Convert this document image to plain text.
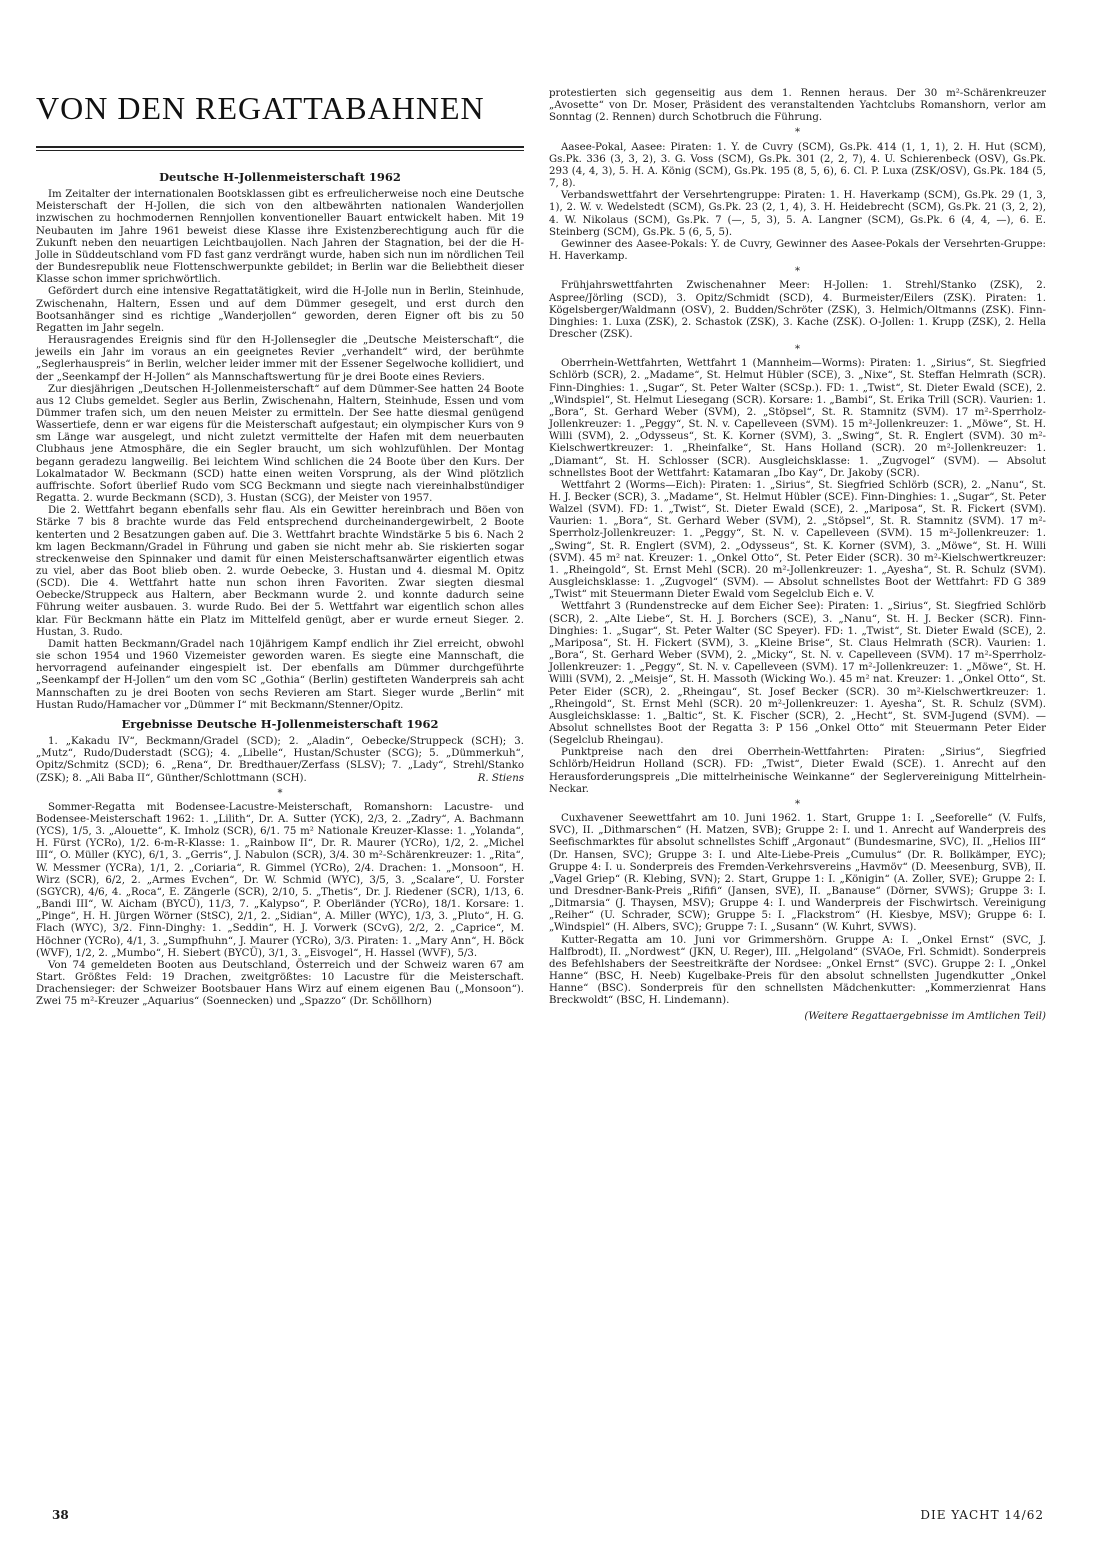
VON DEN REGATTABAHNEN
Deutsche H-Jollenmeisterschaft 1962

Im Zeitalter der internationalen Bootsklassen gibt es erfreulicherweise noch eine Deutsche Meisterschaft der H-Jollen, die sich von den altbewährten nationalen Wanderjollen inzwischen zu hochmodernen Rennjollen konventioneller Bauart entwickelt haben. Mit 19 Neubauten im Jahre 1961 beweist diese Klasse ihre Existenzberechtigung auch für die Zukunft neben den neuartigen Leichtbaujollen. Nach Jahren der Stagnation, bei der die H-Jolle in Süddeutschland vom FD fast ganz verdrängt wurde, haben sich nun im nördlichen Teil der Bundesrepublik neue Flottenschwerpunkte gebildet; in Berlin war die Beliebtheit dieser Klasse schon immer sprichwörtlich.

Gefördert durch eine intensive Regattatätigkeit, wird die H-Jolle nun in Berlin, Steinhude, Zwischenahn, Haltern, Essen und auf dem Dümmer gesegelt, und erst durch den Bootsanhänger sind es richtige „Wanderjollen“ geworden, deren Eigner oft bis zu 50 Regatten im Jahr segeln.

Herausragendes Ereignis sind für den H-Jollensegler die „Deutsche Meisterschaft“, die jeweils ein Jahr im voraus an ein geeignetes Revier „verhandelt“ wird, der berühmte „Seglerhauspreis“ in Berlin, welcher leider immer mit der Essener Segelwoche kollidiert, und der „Seenkampf der H-Jollen“ als Mannschaftswertung für je drei Boote eines Reviers.

Zur diesjährigen „Deutschen H-Jollenmeisterschaft“ auf dem Dümmer-See hatten 24 Boote aus 12 Clubs gemeldet. Segler aus Berlin, Zwischenahn, Haltern, Steinhude, Essen und vom Dümmer trafen sich, um den neuen Meister zu ermitteln. Der See hatte diesmal genügend Wassertiefe, denn er war eigens für die Meisterschaft aufgestaut; ein olympischer Kurs von 9 sm Länge war ausgelegt, und nicht zuletzt vermittelte der Hafen mit dem neuerbauten Clubhaus jene Atmosphäre, die ein Segler braucht, um sich wohlzufühlen. Der Montag begann geradezu langweilig. Bei leichtem Wind schlichen die 24 Boote über den Kurs. Der Lokalmatador W. Beckmann (SCD) hatte einen weiten Vorsprung, als der Wind plötzlich auffrischte. Sofort überlief Rudo vom SCG Beckmann und siegte nach viereinhalbstündiger Regatta. 2. wurde Beckmann (SCD), 3. Hustan (SCG), der Meister von 1957.

Die 2. Wettfahrt begann ebenfalls sehr flau. Als ein Gewitter hereinbrach und Böen von Stärke 7 bis 8 brachte wurde das Feld entsprechend durcheinandergewirbelt, 2 Boote kenterten und 2 Besatzungen gaben auf. Die 3. Wettfahrt brachte Windstärke 5 bis 6. Nach 2 km lagen Beckmann/Gradel in Führung und gaben sie nicht mehr ab. Sie riskierten sogar streckenweise den Spinnaker und damit für einen Meisterschaftsanwärter eigentlich etwas zu viel, aber das Boot blieb oben. 2. wurde Oebecke, 3. Hustan und 4. diesmal M. Opitz (SCD). Die 4. Wettfahrt hatte nun schon ihren Favoriten. Zwar siegten diesmal Oebecke/Struppeck aus Haltern, aber Beckmann wurde 2. und konnte dadurch seine Führung weiter ausbauen. 3. wurde Rudo. Bei der 5. Wettfahrt war eigentlich schon alles klar. Für Beckmann hätte ein Platz im Mittelfeld genügt, aber er wurde erneut Sieger. 2. Hustan, 3. Rudo.

Damit hatten Beckmann/Gradel nach 10jährigem Kampf endlich ihr Ziel erreicht, obwohl sie schon 1954 und 1960 Vizemeister geworden waren. Es siegte eine Mannschaft, die hervorragend aufeinander eingespielt ist. Der ebenfalls am Dümmer durchgeführte „Seenkampf der H-Jollen“ um den vom SC „Gothia“ (Berlin) gestifteten Wanderpreis sah acht Mannschaften zu je drei Booten von sechs Revieren am Start. Sieger wurde „Berlin“ mit Hustan Rudo/Hamacher vor „Dümmer I“ mit Beckmann/Stenner/Opitz.

Ergebnisse Deutsche H-Jollenmeisterschaft 1962

1. „Kakadu IV“, Beckmann/Gradel (SCD); 2. „Aladin“, Oebecke/Struppeck (SCH); 3. „Mutz“, Rudo/Duderstadt (SCG); 4. „Libelle“, Hustan/Schuster (SCG); 5. „Dümmerkuh“, Opitz/Schmitz (SCD); 6. „Rena“, Dr. Bredthauer/Zerfass (SLSV); 7. „Lady“, Strehl/Stanko (ZSK); 8. „Ali Baba II“, Günther/Schlottmann (SCH).	R. Stiens

*

Sommer-Regatta mit Bodensee-Lacustre-Meisterschaft, Romanshorn: Lacustre- und Bodensee-Meisterschaft 1962: 1. „Lilith“, Dr. A. Sutter (YCK), 2/3, 2. „Zadry“, A. Bachmann (YCS), 1/5, 3. „Alouette“, K. Imholz (SCR), 6/1. 75 m² Nationale Kreuzer-Klasse: 1. „Yolanda“, H. Fürst (YCRo), 1/2. 6-m-R-Klasse: 1. „Rainbow II“, Dr. R. Maurer (YCRo), 1/2, 2. „Michel III“, O. Müller (KYC), 6/1, 3. „Gerris“, J. Nabulon (SCR), 3/4. 30 m²-Schärenkreuzer: 1. „Rita“, W. Messmer (YCRa), 1/1, 2. „Coriaria“, R. Gimmel (YCRo), 2/4. Drachen: 1. „Monsoon“, H. Wirz (SCR), 6/2, 2. „Armes Evchen“, Dr. W. Schmid (WYC), 3/5, 3. „Scalare“, U. Forster (SGYCR), 4/6, 4. „Roca“, E. Zängerle (SCR), 2/10, 5. „Thetis“, Dr. J. Riedener (SCR), 1/13, 6. „Bandi III“, W. Aicham (BYCÜ), 11/3, 7. „Kalypso“, P. Oberländer (YCRo), 18/1. Korsare: 1. „Pinge“, H. H. Jürgen Wörner (StSC), 2/1, 2. „Sidian“, A. Miller (WYC), 1/3, 3. „Pluto“, H. G. Flach (WYC), 3/2. Finn-Dinghy: 1. „Seddin“, H. J. Vorwerk (SCvG), 2/2, 2. „Caprice“, M. Höchner (YCRo), 4/1, 3. „Sumpfhuhn“, J. Maurer (YCRo), 3/3. Piraten: 1. „Mary Ann“, H. Böck (WVF), 1/2, 2. „Mumbo“, H. Siebert (BYCÜ), 3/1, 3. „Eisvogel“, H. Hassel (WVF), 5/3.

Von 74 gemeldeten Booten aus Deutschland, Österreich und der Schweiz waren 67 am Start. Größtes Feld: 19 Drachen, zweitgrößtes: 10 Lacustre für die Meisterschaft. Drachensieger: der Schweizer Bootsbauer Hans Wirz auf einem eigenen Bau („Monsoon“). Zwei 75 m²-Kreuzer „Aquarius“ (Soennecken) und „Spazzo“ (Dr. Schöllhorn)

protestierten sich gegenseitig aus dem 1. Rennen heraus. Der 30 m²-Schärenkreuzer „Avosette“ von Dr. Moser, Präsident des veranstaltenden Yachtclubs Romanshorn, verlor am Sonntag (2. Rennen) durch Schotbruch die Führung.

*

Aasee-Pokal, Aasee: Piraten: 1. Y. de Cuvry (SCM), Gs.Pk. 414 (1, 1, 1), 2. H. Hut (SCM), Gs.Pk. 336 (3, 3, 2), 3. G. Voss (SCM), Gs.Pk. 301 (2, 2, 7), 4. U. Schierenbeck (OSV), Gs.Pk. 293 (4, 4, 3), 5. H. A. König (SCM), Gs.Pk. 195 (8, 5, 6), 6. Cl. P. Luxa (ZSK/OSV), Gs.Pk. 184 (5, 7, 8).

Verbandswettfahrt der Versehrtengruppe: Piraten: 1. H. Haverkamp (SCM), Gs.Pk. 29 (1, 3, 1), 2. W. v. Wedelstedt (SCM), Gs.Pk. 23 (2, 1, 4), 3. H. Heidebrecht (SCM), Gs.Pk. 21 (3, 2, 2), 4. W. Nikolaus (SCM), Gs.Pk. 7 (—, 5, 3), 5. A. Langner (SCM), Gs.Pk. 6 (4, 4, —), 6. E. Steinberg (SCM), Gs.Pk. 5 (6, 5, 5).

Gewinner des Aasee-Pokals: Y. de Cuvry, Gewinner des Aasee-Pokals der Versehrten-Gruppe: H. Haverkamp.

*

Frühjahrswettfahrten Zwischenahner Meer: H-Jollen: 1. Strehl/Stanko (ZSK), 2. Aspree/Jörling (SCD), 3. Opitz/Schmidt (SCD), 4. Burmeister/Eilers (ZSK). Piraten: 1. Kögelsberger/Waldmann (OSV), 2. Budden/Schröter (ZSK), 3. Helmich/Oltmanns (ZSK). Finn-Dinghies: 1. Luxa (ZSK), 2. Schastok (ZSK), 3. Kache (ZSK). O-Jollen: 1. Krupp (ZSK), 2. Hella Drescher (ZSK).

*

Oberrhein-Wettfahrten, Wettfahrt 1 (Mannheim—Worms): Piraten: 1. „Sirius“, St. Siegfried Schlörb (SCR), 2. „Madame“, St. Helmut Hübler (SCE), 3. „Nixe“, St. Steffan Helmrath (SCR). Finn-Dinghies: 1. „Sugar“, St. Peter Walter (SCSp.). FD: 1. „Twist“, St. Dieter Ewald (SCE), 2. „Windspiel“, St. Helmut Liesegang (SCR). Korsare: 1. „Bambi“, St. Erika Trill (SCR). Vaurien: 1. „Bora“, St. Gerhard Weber (SVM), 2. „Stöpsel“, St. R. Stamnitz (SVM). 17 m²-Sperrholz-Jollenkreuzer: 1. „Peggy“, St. N. v. Capelleveen (SVM). 15 m²-Jollenkreuzer: 1. „Möwe“, St. H. Willi (SVM), 2. „Odysseus“, St. K. Korner (SVM), 3. „Swing“, St. R. Englert (SVM). 30 m²-Kielschwertkreuzer: 1. „Rheinfalke“, St. Hans Holland (SCR). 20 m²-Jollenkreuzer: 1. „Diamant“, St. H. Schlosser (SCR). Ausgleichsklasse: 1. „Zugvogel“ (SVM). — Absolut schnellstes Boot der Wettfahrt: Katamaran „Ibo Kay“, Dr. Jakoby (SCR).

Wettfahrt 2 (Worms—Eich): Piraten: 1. „Sirius“, St. Siegfried Schlörb (SCR), 2. „Nanu“, St. H. J. Becker (SCR), 3. „Madame“, St. Helmut Hübler (SCE). Finn-Dinghies: 1. „Sugar“, St. Peter Walzel (SVM). FD: 1. „Twist“, St. Dieter Ewald (SCE), 2. „Mariposa“, St. R. Fickert (SVM). Vaurien: 1. „Bora“, St. Gerhard Weber (SVM), 2. „Stöpsel“, St. R. Stamnitz (SVM). 17 m²-Sperrholz-Jollenkreuzer: 1. „Peggy“, St. N. v. Capelleveen (SVM). 15 m²-Jollenkreuzer: 1. „Swing“, St. R. Englert (SVM), 2. „Odysseus“, St. K. Korner (SVM), 3. „Möwe“, St. H. Willi (SVM). 45 m² nat. Kreuzer: 1. „Onkel Otto“, St. Peter Eider (SCR). 30 m²-Kielschwertkreuzer: 1. „Rheingold“, St. Ernst Mehl (SCR). 20 m²-Jollenkreuzer: 1. „Ayesha“, St. R. Schulz (SVM). Ausgleichsklasse: 1. „Zugvogel“ (SVM). — Absolut schnellstes Boot der Wettfahrt: FD G 389 „Twist“ mit Steuermann Dieter Ewald vom Segelclub Eich e. V.

Wettfahrt 3 (Rundenstrecke auf dem Eicher See): Piraten: 1. „Sirius“, St. Siegfried Schlörb (SCR), 2. „Alte Liebe“, St. H. J. Borchers (SCE), 3. „Nanu“, St. H. J. Becker (SCR). Finn-Dinghies: 1. „Sugar“, St. Peter Walter (SC Speyer). FD: 1. „Twist“, St. Dieter Ewald (SCE), 2. „Mariposa“, St. H. Fickert (SVM), 3. „Kleine Brise“, St. Claus Helmrath (SCR). Vaurien: 1. „Bora“, St. Gerhard Weber (SVM), 2. „Micky“, St. N. v. Capelleveen (SVM). 17 m²-Sperrholz-Jollenkreuzer: 1. „Peggy“, St. N. v. Capelleveen (SVM). 17 m²-Jollenkreuzer: 1. „Möwe“, St. H. Willi (SVM), 2. „Meisje“, St. H. Massoth (Wicking Wo.). 45 m² nat. Kreuzer: 1. „Onkel Otto“, St. Peter Eider (SCR), 2. „Rheingau“, St. Josef Becker (SCR). 30 m²-Kielschwertkreuzer: 1. „Rheingold“, St. Ernst Mehl (SCR). 20 m²-Jollenkreuzer: 1. Ayesha“, St. R. Schulz (SVM). Ausgleichsklasse: 1. „Baltic“, St. K. Fischer (SCR), 2. „Hecht“, St. SVM-Jugend (SVM). — Absolut schnellstes Boot der Regatta 3: P 156 „Onkel Otto“ mit Steuermann Peter Eider (Segelclub Rheingau).

Punktpreise nach den drei Oberrhein-Wettfahrten: Piraten: „Sirius“, Siegfried Schlörb/Heidrun Holland (SCR). FD: „Twist“, Dieter Ewald (SCE). 1. Anrecht auf den Herausforderungspreis „Die mittelrheinische Weinkanne“ der Seglervereinigung Mittelrhein-Neckar.

*

Cuxhavener Seewettfahrt am 10. Juni 1962. 1. Start, Gruppe 1: I. „Seeforelle“ (V. Fulfs, SVC), II. „Dithmarschen“ (H. Matzen, SVB); Gruppe 2: I. und 1. Anrecht auf Wanderpreis des Seefischmarktes für absolut schnellstes Schiff „Argonaut“ (Bundesmarine, SVC), II. „Helios III“ (Dr. Hansen, SVC); Gruppe 3: I. und Alte-Liebe-Preis „Cumulus“ (Dr. R. Bollkämper, EYC); Gruppe 4: I. u. Sonderpreis des Fremden-Verkehrsvereins „Havmöv“ (D. Meesenburg, SVB), II. „Vagel Griep“ (R. Klebing, SVN); 2. Start, Gruppe 1: I. „Königin“ (A. Zoller, SVE); Gruppe 2: I. und Dresdner-Bank-Preis „Rififi“ (Jansen, SVE), II. „Banause“ (Dörner, SVWS); Gruppe 3: I. „Ditmarsia“ (J. Thaysen, MSV); Gruppe 4: I. und Wanderpreis der Fischwirtsch. Vereinigung „Reiher“ (U. Schrader, SCW); Gruppe 5: I. „Flackstrom“ (H. Kiesbye, MSV); Gruppe 6: I. „Windspiel“ (H. Albers, SVC); Gruppe 7: I. „Susann“ (W. Kuhrt, SVWS).

Kutter-Regatta am 10. Juni vor Grimmershörn. Gruppe A: I. „Onkel Ernst“ (SVC, J. Halfbrodt), II. „Nordwest“ (JKN, U. Reger), III. „Helgoland“ (SVAOe, Frl. Schmidt). Sonderpreis des Befehlshabers der Seestreitkräfte der Nordsee: „Onkel Ernst“ (SVC). Gruppe 2: I. „Onkel Hanne“ (BSC, H. Neeb) Kugelbake-Preis für den absolut schnellsten Jugendkutter „Onkel Hanne“ (BSC). Sonderpreis für den schnellsten Mädchenkutter: „Kommerzienrat Hans Breckwoldt“ (BSC, H. Lindemann).

(Weitere Regattaergebnisse im Amtlichen Teil)
38	DIE YACHT 14/62
